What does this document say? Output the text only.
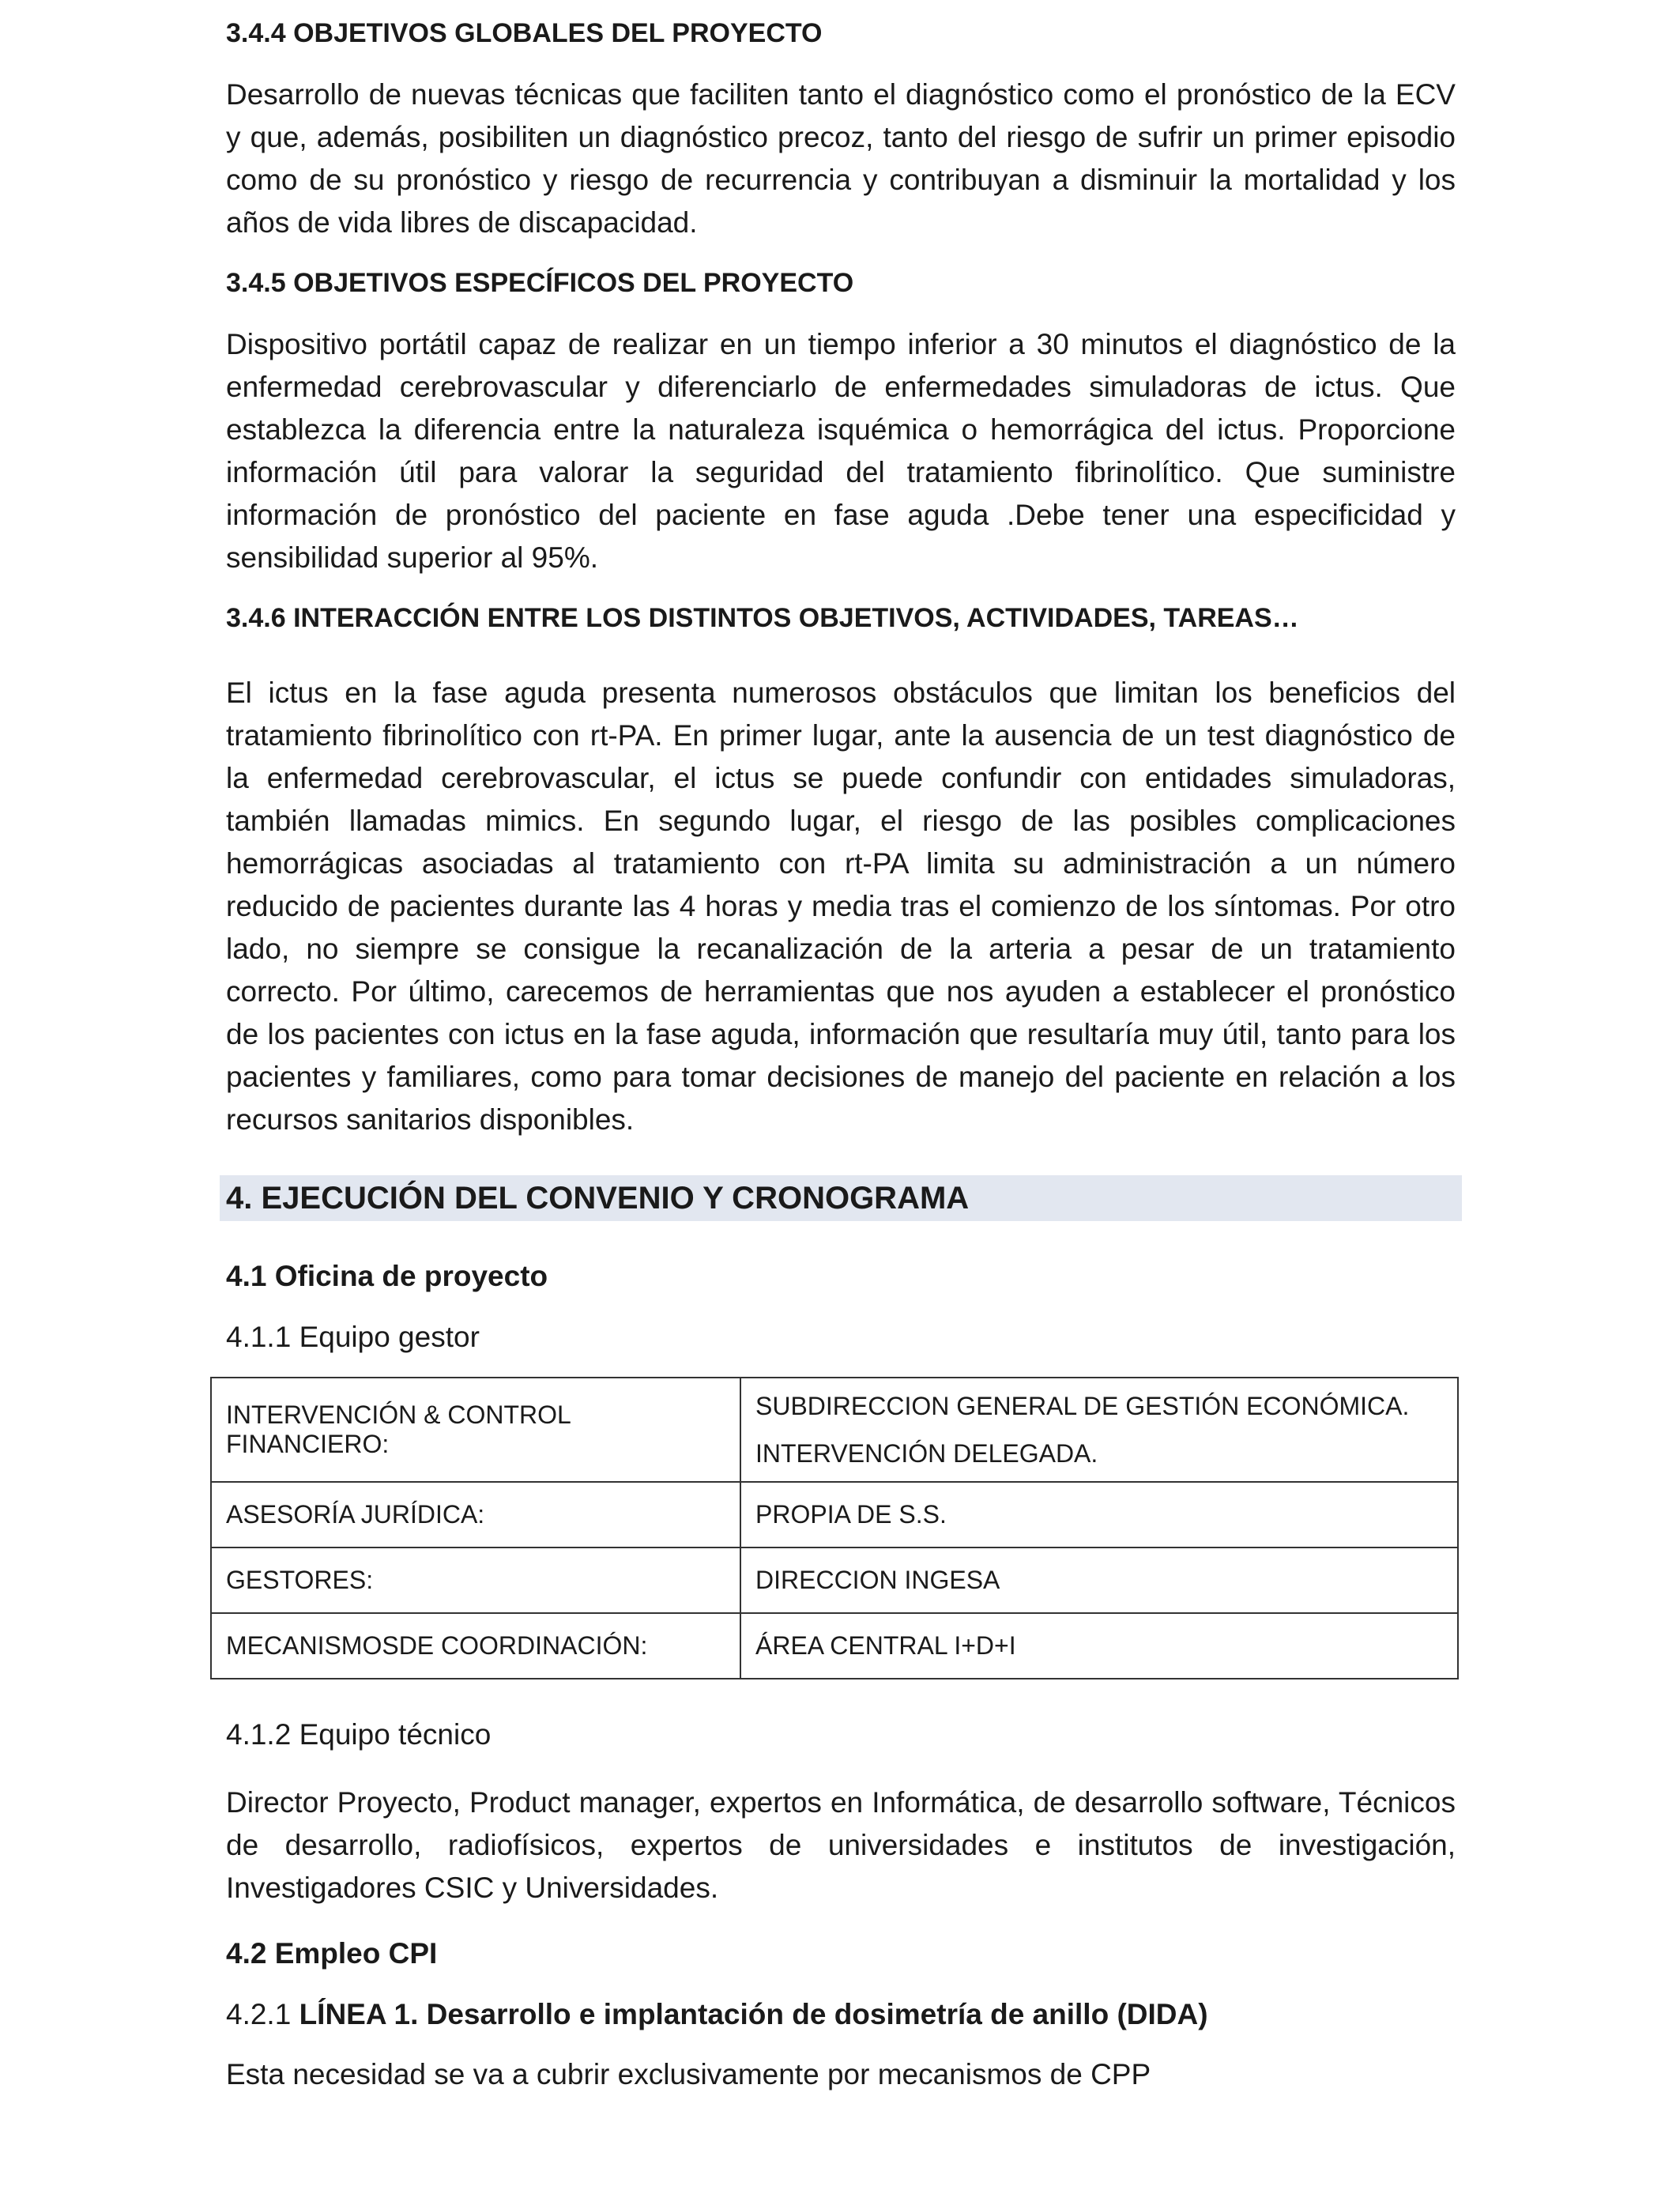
3.4.4 OBJETIVOS GLOBALES DEL PROYECTO
Desarrollo de nuevas técnicas que faciliten tanto el diagnóstico como el pronóstico de la ECV y que, además, posibiliten un diagnóstico precoz, tanto del riesgo de sufrir un primer episodio como de su pronóstico y riesgo de recurrencia y contribuyan a disminuir la mortalidad y los años de vida libres de discapacidad.
3.4.5 OBJETIVOS ESPECÍFICOS DEL PROYECTO
Dispositivo portátil capaz de realizar en un tiempo inferior a 30 minutos el diagnóstico de la enfermedad cerebrovascular y diferenciarlo de enfermedades simuladoras de ictus. Que establezca la diferencia entre la naturaleza isquémica o hemorrágica del ictus. Proporcione información útil para valorar la seguridad del tratamiento fibrinolítico. Que suministre información de pronóstico del paciente en fase aguda .Debe tener una especificidad y sensibilidad superior al 95%.
3.4.6 INTERACCIÓN ENTRE LOS DISTINTOS OBJETIVOS, ACTIVIDADES, TAREAS…
El ictus en la fase aguda presenta numerosos obstáculos que limitan los beneficios del tratamiento fibrinolítico con rt-PA. En primer lugar, ante la ausencia de un test diagnóstico de la enfermedad cerebrovascular, el ictus se puede confundir con entidades simuladoras, también llamadas mimics. En segundo lugar, el riesgo de las posibles complicaciones hemorrágicas asociadas al tratamiento con rt-PA limita su administración a un número reducido de pacientes durante las 4 horas y media tras el comienzo de los síntomas. Por otro lado, no siempre se consigue la recanalización de la arteria a pesar de un tratamiento correcto. Por último, carecemos de herramientas que nos ayuden a establecer el pronóstico de los pacientes con ictus en la fase aguda, información que resultaría muy útil, tanto para los pacientes y familiares, como para tomar decisiones de manejo del paciente en relación a los recursos sanitarios disponibles.
4. EJECUCIÓN DEL CONVENIO Y CRONOGRAMA
4.1 Oficina de proyecto
4.1.1 Equipo gestor
INTERVENCIÓN & CONTROL FINANCIERO:	SUBDIRECCION GENERAL DE GESTIÓN ECONÓMICA.
INTERVENCIÓN DELEGADA.

ASESORÍA JURÍDICA:	PROPIA DE S.S.
GESTORES:	DIRECCION INGESA
MECANISMOSDE COORDINACIÓN:	ÁREA CENTRAL I+D+I
4.1.2 Equipo técnico
Director Proyecto, Product manager, expertos en Informática, de desarrollo software, Técnicos de desarrollo, radiofísicos, expertos de universidades e institutos de investigación, Investigadores CSIC y Universidades.
4.2 Empleo CPI
4.2.1 LÍNEA 1. Desarrollo e implantación de dosimetría de anillo (DIDA)
Esta necesidad se va a cubrir exclusivamente por mecanismos de CPP
